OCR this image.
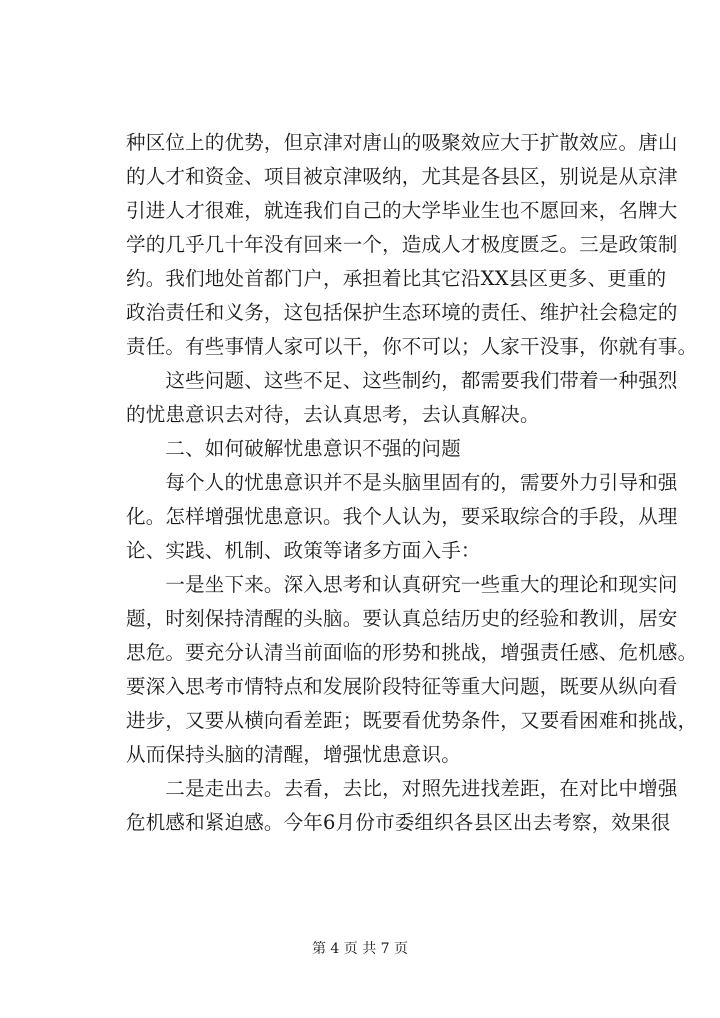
种区位上的优势，但京津对唐山的吸聚效应大于扩散效应。唐山
的人才和资金、项目被京津吸纳，尤其是各县区，别说是从京津
引进人才很难，就连我们自己的大学毕业生也不愿回来，名牌大
学的几乎几十年没有回来一个，造成人才极度匮乏。三是政策制
约。我们地处首都门户，承担着比其它沿XX县区更多、更重的
政治责任和义务，这包括保护生态环境的责任、维护社会稳定的
责任。有些事情人家可以干，你不可以；人家干没事，你就有事。
　　这些问题、这些不足、这些制约，都需要我们带着一种强烈
的忧患意识去对待，去认真思考，去认真解决。
　　二、如何破解忧患意识不强的问题
　　每个人的忧患意识并不是头脑里固有的，需要外力引导和强
化。怎样增强忧患意识。我个人认为，要采取综合的手段，从理
论、实践、机制、政策等诸多方面入手：
　　一是坐下来。深入思考和认真研究一些重大的理论和现实问
题，时刻保持清醒的头脑。要认真总结历史的经验和教训，居安
思危。要充分认清当前面临的形势和挑战，增强责任感、危机感。
要深入思考市情特点和发展阶段特征等重大问题，既要从纵向看
进步，又要从横向看差距；既要看优势条件，又要看困难和挑战，
从而保持头脑的清醒，增强忧患意识。
　　二是走出去。去看，去比，对照先进找差距，在对比中增强
危机感和紧迫感。今年6月份市委组织各县区出去考察，效果很
第 4 页 共 7 页
